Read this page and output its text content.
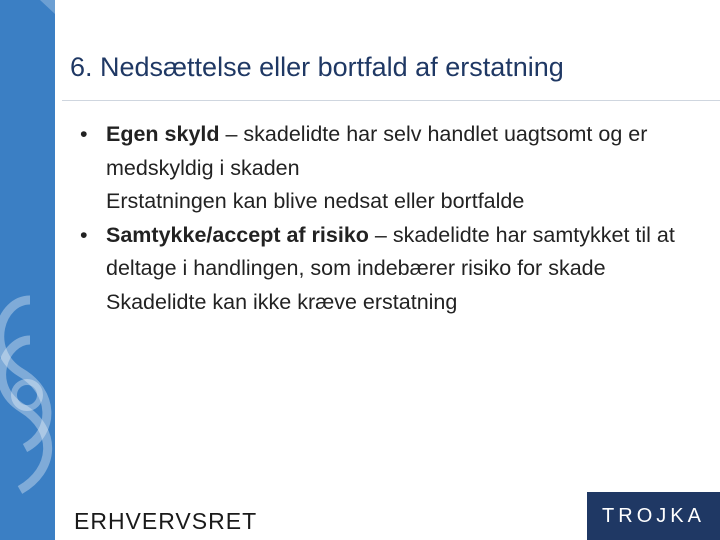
6. Nedsættelse eller bortfald af erstatning
• Egen skyld – skadelidte har selv handlet uagtsomt og er medskyldig i skaden
Erstatningen kan blive nedsat eller bortfalde
• Samtykke/accept af risiko – skadelidte har samtykket til at deltage i handlingen, som indebærer risiko for skade
Skadelidte kan ikke kræve erstatning
ERHVERVSRET	TROJKA
